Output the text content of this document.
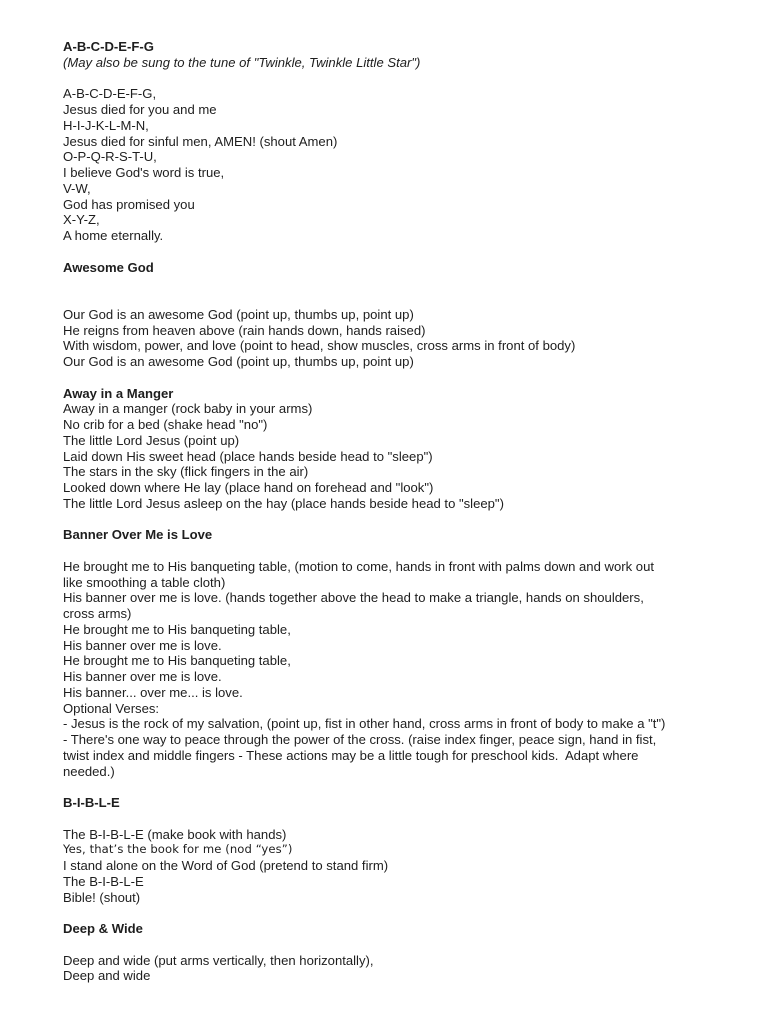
A-B-C-D-E-F-G
(May also be sung to the tune of "Twinkle, Twinkle Little Star")
A-B-C-D-E-F-G,
Jesus died for you and me
H-I-J-K-L-M-N,
Jesus died for sinful men, AMEN! (shout Amen)
O-P-Q-R-S-T-U,
I believe God's word is true,
V-W,
God has promised you
X-Y-Z,
A home eternally.
Awesome God
Our God is an awesome God (point up, thumbs up, point up)
He reigns from heaven above (rain hands down, hands raised)
With wisdom, power, and love (point to head, show muscles, cross arms in front of body)
Our God is an awesome God (point up, thumbs up, point up)
Away in a Manger
Away in a manger (rock baby in your arms)
No crib for a bed (shake head "no")
The little Lord Jesus (point up)
Laid down His sweet head (place hands beside head to "sleep")
The stars in the sky (flick fingers in the air)
Looked down where He lay (place hand on forehead and "look")
The little Lord Jesus asleep on the hay (place hands beside head to "sleep")
Banner Over Me is Love
He brought me to His banqueting table, (motion to come, hands in front with palms down and work out
like smoothing a table cloth)
His banner over me is love. (hands together above the head to make a triangle, hands on shoulders,
cross arms)
He brought me to His banqueting table,
His banner over me is love.
He brought me to His banqueting table,
His banner over me is love.
His banner... over me... is love.
Optional Verses:
- Jesus is the rock of my salvation, (point up, fist in other hand, cross arms in front of body to make a "t")
- There's one way to peace through the power of the cross. (raise index finger, peace sign, hand in fist,
twist index and middle fingers - These actions may be a little tough for preschool kids.  Adapt where
needed.)
B-I-B-L-E
The B-I-B-L-E (make book with hands)
Yes, that’s the book for me (nod “yes”)
I stand alone on the Word of God (pretend to stand firm)
The B-I-B-L-E
Bible! (shout)
Deep & Wide
Deep and wide (put arms vertically, then horizontally),
Deep and wide
